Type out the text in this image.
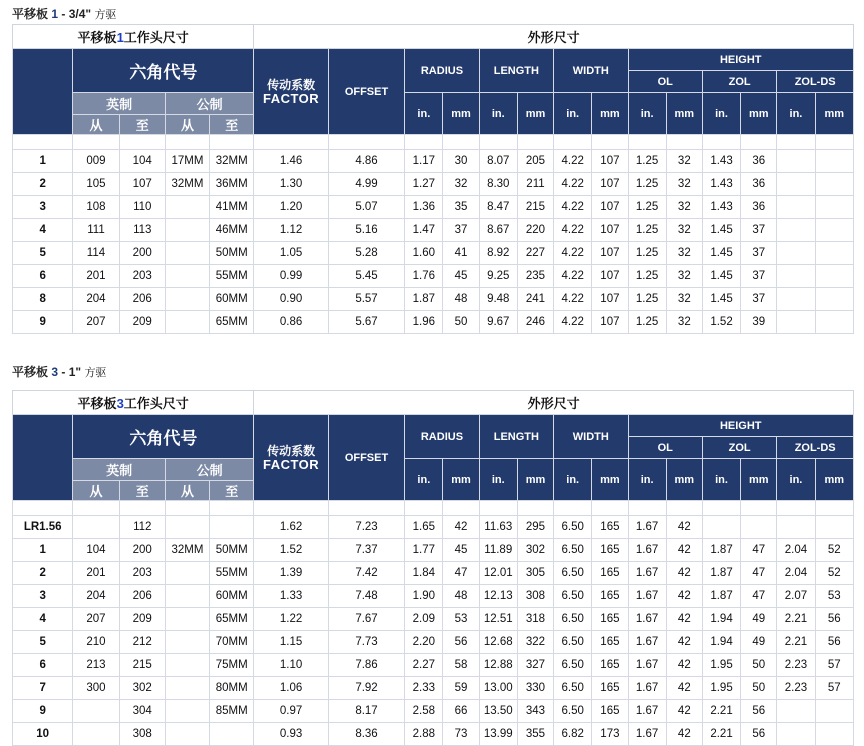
平移板 1 - 3/4" 方驱
平移板1工作头尺寸					外形尺寸													
	六角代号				传动系数
FACTOR	OFFSET	RADIUS		LENGTH		WIDTH		HEIGHT					
													OL		ZOL		ZOL-DS	
	英制		公制				in.	mm	in.	mm	in.	mm	in.	mm	in.	mm	in.	mm
	从	至	从	至														

1	009	104	17MM	32MM	1.46	4.86	1.17	30	8.07	205	4.22	107	1.25	32	1.43	36		
2	105	107	32MM	36MM	1.30	4.99	1.27	32	8.30	211	4.22	107	1.25	32	1.43	36		
3	108	110		41MM	1.20	5.07	1.36	35	8.47	215	4.22	107	1.25	32	1.43	36		
4	111	113		46MM	1.12	5.16	1.47	37	8.67	220	4.22	107	1.25	32	1.45	37		
5	114	200		50MM	1.05	5.28	1.60	41	8.92	227	4.22	107	1.25	32	1.45	37		
6	201	203		55MM	0.99	5.45	1.76	45	9.25	235	4.22	107	1.25	32	1.45	37		
8	204	206		60MM	0.90	5.57	1.87	48	9.48	241	4.22	107	1.25	32	1.45	37		
9	207	209		65MM	0.86	5.67	1.96	50	9.67	246	4.22	107	1.25	32	1.52	39		
平移板 3 - 1" 方驱
平移板3工作头尺寸					外形尺寸													
	六角代号				传动系数
FACTOR	OFFSET	RADIUS		LENGTH		WIDTH		HEIGHT					
													OL		ZOL		ZOL-DS	
	英制		公制				in.	mm	in.	mm	in.	mm	in.	mm	in.	mm	in.	mm
	从	至	从	至														

LR1.56		112			1.62	7.23	1.65	42	11.63	295	6.50	165	1.67	42				
1	104	200	32MM	50MM	1.52	7.37	1.77	45	11.89	302	6.50	165	1.67	42	1.87	47	2.04	52
2	201	203		55MM	1.39	7.42	1.84	47	12.01	305	6.50	165	1.67	42	1.87	47	2.04	52
3	204	206		60MM	1.33	7.48	1.90	48	12.13	308	6.50	165	1.67	42	1.87	47	2.07	53
4	207	209		65MM	1.22	7.67	2.09	53	12.51	318	6.50	165	1.67	42	1.94	49	2.21	56
5	210	212		70MM	1.15	7.73	2.20	56	12.68	322	6.50	165	1.67	42	1.94	49	2.21	56
6	213	215		75MM	1.10	7.86	2.27	58	12.88	327	6.50	165	1.67	42	1.95	50	2.23	57
7	300	302		80MM	1.06	7.92	2.33	59	13.00	330	6.50	165	1.67	42	1.95	50	2.23	57
9		304		85MM	0.97	8.17	2.58	66	13.50	343	6.50	165	1.67	42	2.21	56		
10		308			0.93	8.36	2.88	73	13.99	355	6.82	173	1.67	42	2.21	56		
